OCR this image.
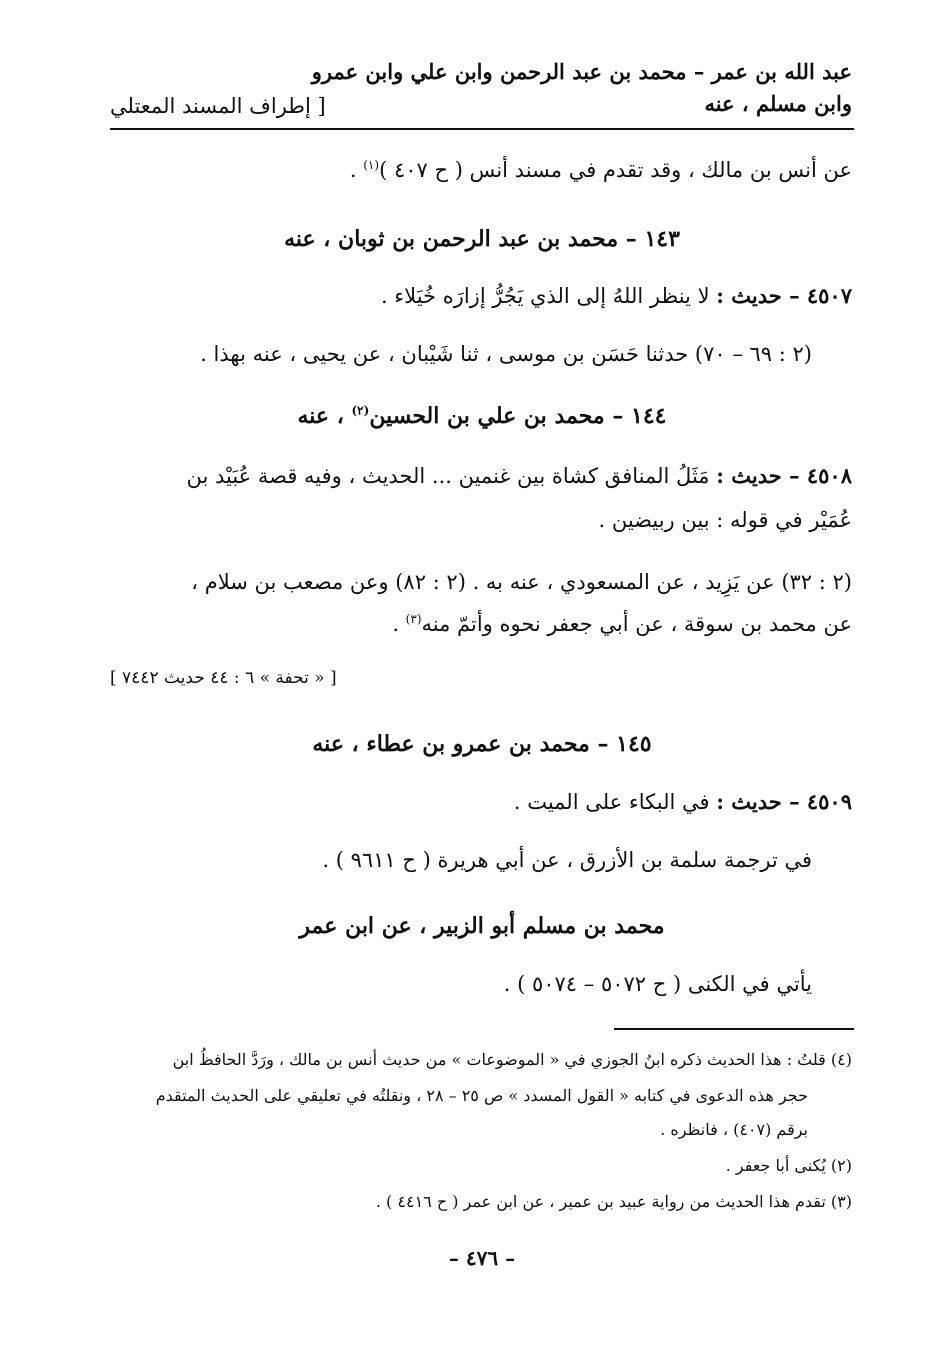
عبد الله بن عمر – محمد بن عبد الرحمن وابن علي وابن عمرو
وابن مسلم ، عنه
[ إطراف المسند المعتلي
عن أنس بن مالك ، وقد تقدم في مسند أنس ( ح ٤٠٧ )$^{(١)}$ .
١٤٣ – محمد بن عبد الرحمن بن ثوبان ، عنه
٤٥٠٧ – حديث : لا ينظر اللهُ إلى الذي يَجُرُّ إزارَه خُيَلاء .
(٢ : ٦٩ – ٧٠) حدثنا حَسَن بن موسى ، ثنا شَيْبان ، عن يحيى ، عنه بهذا .
١٤٤ – محمد بن علي بن الحسين$^{(٢)}$ ، عنه
٤٥٠٨ – حديث : مَثَلُ المنافق كشاة بين غنمين ... الحديث ، وفيه قصة عُبَيْد بن
عُمَيْر في قوله : بين ربيضين .
(٢ : ٣٢) عن يَزِيد ، عن المسعودي ، عنه به . (٢ : ٨٢) وعن مصعب بن سلام ،
عن محمد بن سوقة ، عن أبي جعفر نحوه وأتمّ منه$^{(٣)}$ .
[ « تحفة » ٦ : ٤٤ حديث ٧٤٤٢ ]
١٤٥ – محمد بن عمرو بن عطاء ، عنه
٤٥٠٩ – حديث : في البكاء على الميت .
في ترجمة سلمة بن الأزرق ، عن أبي هريرة ( ح ٩٦١١ ) .
محمد بن مسلم أبو الزبير ، عن ابن عمر
يأتي في الكنى ( ح ٥٠٧٢ – ٥٠٧٤ ) .
(٤) قلتُ : هذا الحديث ذكره ابنُ الجوزي في « الموضوعات » من حديث أنس بن مالك ، ورَدَّ الحافظُ ابن
حجر هذه الدعوى في كتابه « القول المسدد » ص ٢٥ – ٢٨ ، ونقلتُه في تعليقي على الحديث المتقدم
برقم (٤٠٧) ، فانظره .
(٢) يُكنى أبا جعفر .
(٣) تقدم هذا الحديث من رواية عبيد بن عمير ، عن ابن عمر ( ح ٤٤١٦ ) .
– ٤٧٦ –
